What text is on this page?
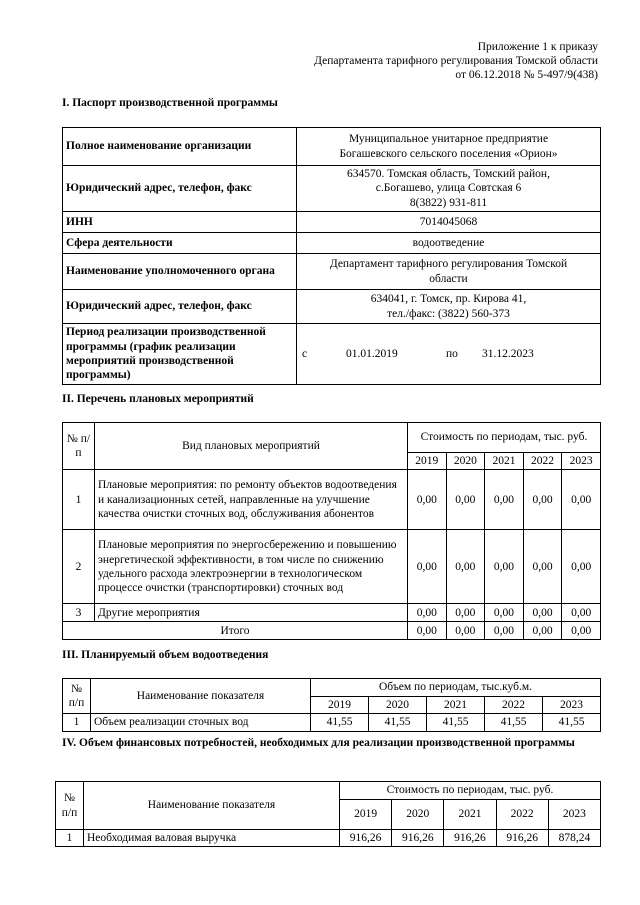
Приложение 1 к приказу
Департамента тарифного регулирования Томской области
от 06.12.2018 № 5-497/9(438)
I. Паспорт производственной программы
Полное наименование организации	Муниципальное унитарное предприятие
Богашевского сельского поселения «Орион»

Юридический адрес, телефон, факс	634570. Томская область, Томский район,
с.Богашево, улица Совтская 6
8(3822) 931-811

ИНН	7014045068
Сфера деятельности	водоотведение
Наименование уполномоченного органа	Департамент тарифного регулирования Томской
области

Юридический адрес, телефон, факс	634041, г. Томск, пр. Кирова 41,
тел./факс: (3822) 560-373

Период реализации производственной программы (график реализации мероприятий производственной программы)	с 01.01.2019 по 31.12.2023
II. Перечень плановых мероприятий
№ п/п	Вид плановых мероприятий	Стоимость по периодам, тыс. руб.				
		2019	2020	2021	2022	2023
1	Плановые мероприятия: по ремонту объектов водоотведения и канализационных сетей, направленные на улучшение качества очистки сточных вод, обслуживания абонентов	0,00	0,00	0,00	0,00	0,00
2	Плановые мероприятия по энергосбережению и повышению энергетической эффективности, в том числе по снижению удельного расхода электроэнергии в технологическом процессе очистки (транспортировки) сточных вод	0,00	0,00	0,00	0,00	0,00
3	Другие мероприятия	0,00	0,00	0,00	0,00	0,00
Итого		0,00	0,00	0,00	0,00	0,00
III. Планируемый объем водоотведения
№ п/п	Наименование показателя	Объем по периодам, тыс.куб.м.				
		2019	2020	2021	2022	2023
1	Объем реализации сточных вод	41,55	41,55	41,55	41,55	41,55
IV. Объем финансовых потребностей, необходимых для реализации производственной программы
№ п/п	Наименование показателя	Стоимость по периодам, тыс. руб.				
		2019	2020	2021	2022	2023
1	Необходимая валовая выручка	916,26	916,26	916,26	916,26	878,24
